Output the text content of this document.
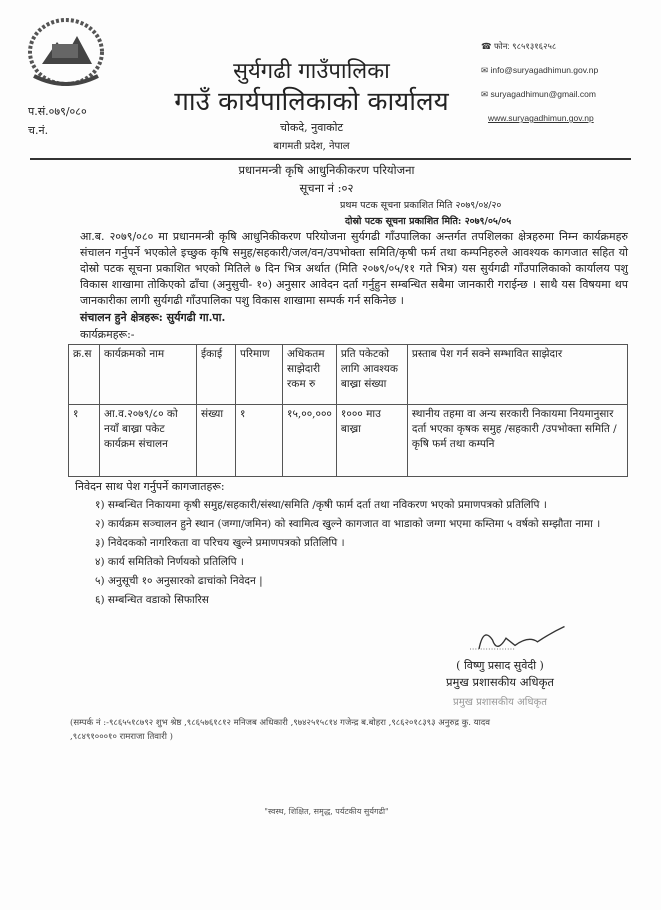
प.सं.०७९/०८०
च.नं.
सुर्यगढी गाउँपालिका
गाउँ कार्यपालिकाको कार्यालय
चोकदे, नुवाकोट
बागमती प्रदेश, नेपाल
☎ फोन: ९८५१३१६२५८
✉ info@suryagadhimun.gov.np
✉ suryagadhimun@gmail.com
www.suryagadhimun.gov.np
प्रधानमन्त्री कृषि आधुनिकीकरण परियोजना
सूचना नं :०२
प्रथम पटक सूचना प्रकाशित मिति २०७९/०४/२०
दोस्रो पटक सूचना प्रकाशित मिति: २०७९/०५/०५
आ.ब. २०७९/०८० मा प्रधानमन्त्री कृषि आधुनिकीकरण परियोजना सुर्यगढी गाँउपालिका अन्तर्गत तपशिलका क्षेत्रहरुमा निम्न कार्यक्रमहरु संचालन गर्नुपर्ने भएकोले इच्छुक कृषि समुह/सहकारी/जल/वन/उपभोक्ता समिति/कृषी फर्म तथा कम्पनिहरुले आवश्यक कागजात सहित यो दोस्रो पटक सूचना प्रकाशित भएको मितिले ७ दिन भित्र अर्थात (मिति २०७९/०५/११ गते भित्र) यस सुर्यगढी गाँउपालिकाको कार्यालय पशु विकास शाखामा तोकिएको ढाँचा (अनुसुची- १०) अनुसार आवेदन दर्ता गर्नुहुन सम्बन्धित सबैमा जानकारी गराईन्छ । साथै यस विषयमा थप जानकारीका लागी सुर्यगढी गाँउपालिका पशु विकास शाखामा सम्पर्क गर्न सकिनेछ ।
संचालन हुने क्षेत्रहरू: सुर्यगढी गा.पा.
कार्यक्रमहरू:-
क्र.स	कार्यक्रमको नाम	ईकाई	परिमाण	अधिकतम साझेदारी रकम रु	प्रति पकेटको लागि आवश्यक बाख्रा संख्या	प्रस्ताब पेश गर्न सक्ने सम्भावित साझेदार
१	आ.व.२०७९/८० को नयाँ बाख्रा पकेट कार्यक्रम संचालन	संख्या	१	१५,००,०००	१००० माउ बाख्रा	स्थानीय तहमा वा अन्य सरकारी निकायमा नियमानुसार दर्ता भएका कृषक समुह /सहकारी /उपभोक्ता समिति /कृषि फर्म तथा कम्पनि
निवेदन साथ पेश गर्नुपर्ने कागजातहरू:
१) सम्बन्धित निकायमा कृषी समुह/सहकारी/संस्था/समिति /कृषी फार्म दर्ता तथा नविकरण भएको प्रमाणपत्रको प्रतिलिपि ।
२) कार्यक्रम सञ्चालन हुने स्थान (जग्गा/जमिन) को स्वामित्व खुल्ने कागजात वा भाडाको जग्गा भएमा कम्तिमा ५ वर्षको सम्झौता नामा ।
३) निवेदकको नागरिकता वा परिचय खुल्ने प्रमाणपत्रको प्रतिलिपि ।
४) कार्य समितिको निर्णयको प्रतिलिपि ।
५) अनुसूची १० अनुसारको ढाचांको निवेदन |
६) सम्बन्धित वडाको सिफारिस
( विष्णु प्रसाद सुवेदी )
प्रमुख प्रशासकीय अधिकृत
प्रमुख प्रशासकीय अधिकृत
(सम्पर्क नं :-९८६५५१८७९२ शुभ श्रेष्ठ ,९८६५७६१८१२ मनिजब अधिकारी ,९७४२५१५८१४ गजेन्द्र ब.बोहरा ,९८६२०१८३९३ अनुरुद्र कु. यादव ,९८४९१०००१० रामराजा तिवारी )
"स्वस्थ, शिक्षित, समृद्ध, पर्यटकीय सुर्यगढी"
